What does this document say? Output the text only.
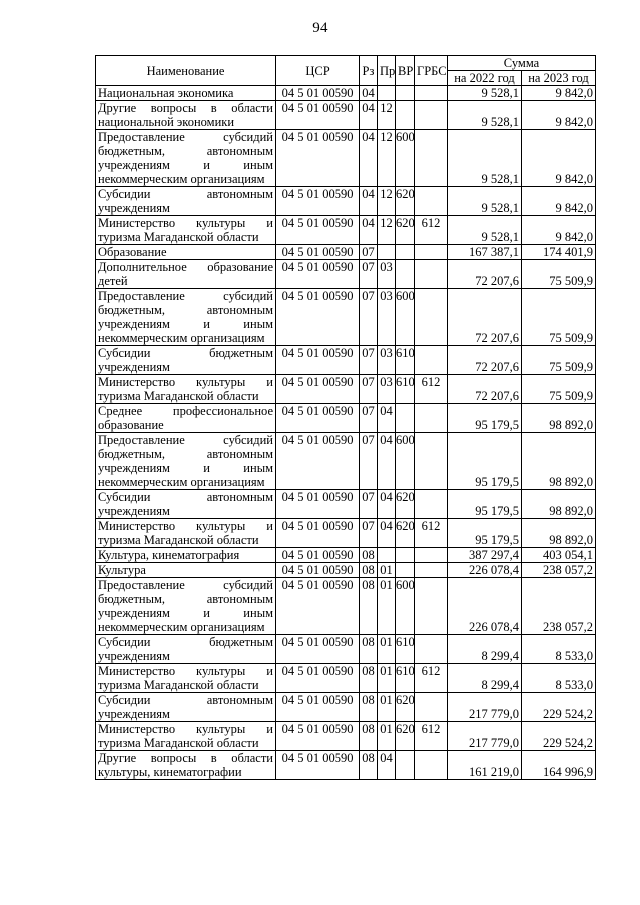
94
Наименование	ЦСР	Рз	Пр	ВР	ГРБС	Сумма	
						на 2022 год	на 2023 год
Национальная экономика	04 5 01 00590	04				9 528,1	9 842,0
Другие вопросы в области национальной экономики	04 5 01 00590	04	12			9 528,1	9 842,0
Предоставление субсидий бюджетным, автономным учреждениям и иным некоммерческим организациям	04 5 01 00590	04	12	600		9 528,1	9 842,0
Субсидии автономным учреждениям	04 5 01 00590	04	12	620		9 528,1	9 842,0
Министерство культуры и туризма Магаданской области	04 5 01 00590	04	12	620	612	9 528,1	9 842,0
Образование	04 5 01 00590	07				167 387,1	174 401,9
Дополнительное образование детей	04 5 01 00590	07	03			72 207,6	75 509,9
Предоставление субсидий бюджетным, автономным учреждениям и иным некоммерческим организациям	04 5 01 00590	07	03	600		72 207,6	75 509,9
Субсидии бюджетным учреждениям	04 5 01 00590	07	03	610		72 207,6	75 509,9
Министерство культуры и туризма Магаданской области	04 5 01 00590	07	03	610	612	72 207,6	75 509,9
Среднее профессиональное образование	04 5 01 00590	07	04			95 179,5	98 892,0
Предоставление субсидий бюджетным, автономным учреждениям и иным некоммерческим организациям	04 5 01 00590	07	04	600		95 179,5	98 892,0
Субсидии автономным учреждениям	04 5 01 00590	07	04	620		95 179,5	98 892,0
Министерство культуры и туризма Магаданской области	04 5 01 00590	07	04	620	612	95 179,5	98 892,0
Культура, кинематография	04 5 01 00590	08				387 297,4	403 054,1
Культура	04 5 01 00590	08	01			226 078,4	238 057,2
Предоставление субсидий бюджетным, автономным учреждениям и иным некоммерческим организациям	04 5 01 00590	08	01	600		226 078,4	238 057,2
Субсидии бюджетным учреждениям	04 5 01 00590	08	01	610		8 299,4	8 533,0
Министерство культуры и туризма Магаданской области	04 5 01 00590	08	01	610	612	8 299,4	8 533,0
Субсидии автономным учреждениям	04 5 01 00590	08	01	620		217 779,0	229 524,2
Министерство культуры и туризма Магаданской области	04 5 01 00590	08	01	620	612	217 779,0	229 524,2
Другие вопросы в области культуры, кинематографии	04 5 01 00590	08	04			161 219,0	164 996,9
